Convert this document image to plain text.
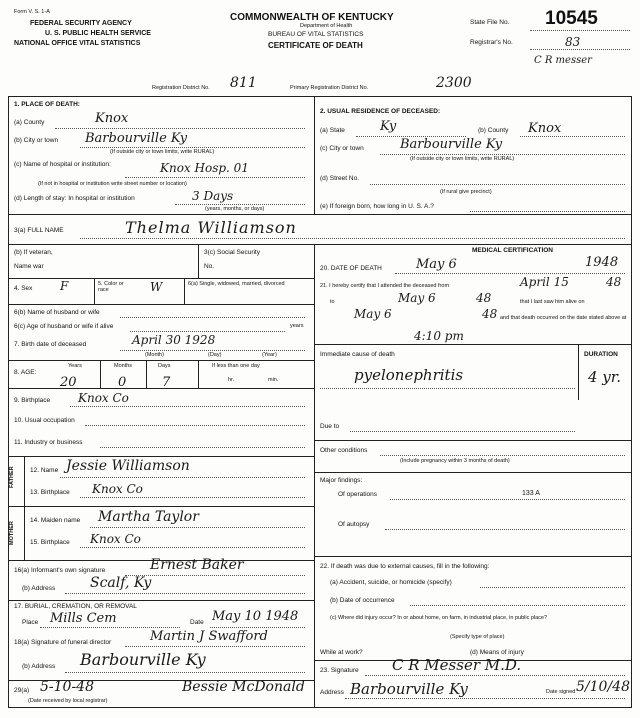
Form V. S. 1-A
FEDERAL SECURITY AGENCY
U. S. PUBLIC HEALTH SERVICE
NATIONAL OFFICE VITAL STATISTICS
COMMONWEALTH OF KENTUCKY
Department of Health
BUREAU OF VITAL STATISTICS
CERTIFICATE OF DEATH
State File No. 10545
Registrar's No.	83
C R messer
Registration District No. 811	Primary Registration District No.	2300
1. PLACE OF DEATH:
(a) County	Knox
(b) City or town Barbourville Ky
(If outside city or town limits, write RURAL)
(c) Name of hospital or institution:	Knox Hosp. 01
(If not in hospital or institution write street number or location)
(d) Length of stay: In hospital or institution	3 Days
(years, months, or days)
2. USUAL RESIDENCE OF DECEASED:
(a) State	Ky	(b) County Knox
(c) City or town	Barbourville Ky
(If outside city or town limits, write RURAL)
(d) Street No.
(If rural give precinct)
(e) If foreign born, how long in U. S. A.?
3(a) FULL NAME	Thelma Williamson
(b) If veteran,
Name war
3(c) Social Security
No.
4. Sex F	5. Color or race	W	6(a) Single, widowed, married, divorced
6(b) Name of husband or wife
6(c) Age of husband or wife if alive	years
7. Birth date of deceased	April 30 1928
(Month)	(Day)	(Year)
8. AGE:
Years	Months	Days	If less than one day
hr.	min.
20	0	7
9. Birthplace Knox Co
10. Usual occupation
11. Industry or business
FATHER 12. Name Jessie Williamson
13. Birthplace Knox Co
MOTHER
14. Maiden name Martha Taylor
15. Birthplace Knox Co
16(a) Informant's own signature	Ernest Baker
(b) Address Scalf, Ky
17. BURIAL, CREMATION, OR REMOVAL
Place Mills Cem	Date May 10 1948
18(a) Signature of funeral director	Martin J Swafford
(b) Address Barbourville Ky
29(a) 5-10-48
(Date received by local registrar)
Bessie McDonald
MEDICAL CERTIFICATION
20. DATE OF DEATH	May 6	1948
21. I hereby certify that I attended the deceased from	April 15	48
to	May 6	48	that I last saw him alive on
May 6	48 and that death occurred on the date stated above at
4:10 pm
Immediate cause of death	DURATION
pyelonephritis	4 yr.
Due to
Other conditions
(Include pregnancy within 3 months of death)
Major findings:
Of operations	133 A
Of autopsy
22. If death was due to external causes, fill in the following:
(a) Accident, suicide, or homicide (specify)
(b) Date of occurrence
(c) Where did injury occur? In or about home, on farm, in industrial place, in public place?
(Specify type of place)
While at work?	(d) Means of injury
23. Signature C R Messer M.D.
Address Barbourville Ky	Date signed 5/10/48
